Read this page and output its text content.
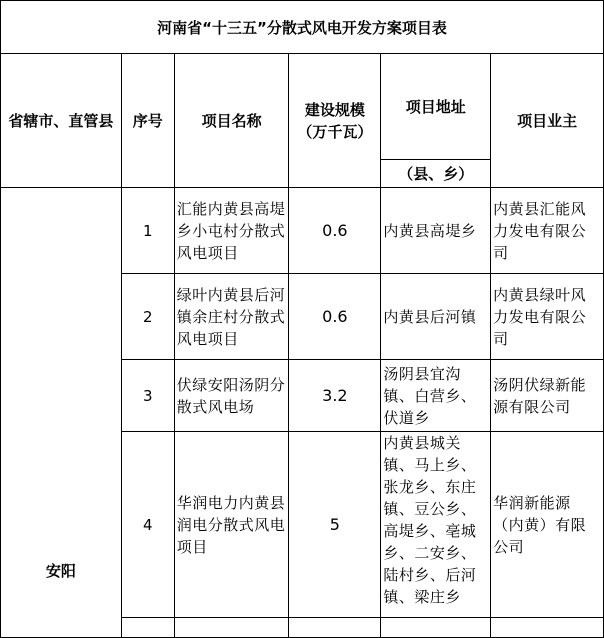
河南省“十三五”分散式风电开发方案项目表					
省辖市、直管县	序号	项目名称	建设规模（万千瓦）	项目地址	项目业主
				（县、乡）	
安阳	1	汇能内黄县高堤乡小屯村分散式风电项目	0.6	内黄县高堤乡	内黄县汇能风力发电有限公司
	2	绿叶内黄县后河镇余庄村分散式风电项目	0.6	内黄县后河镇	内黄县绿叶风力发电有限公司
	3	伏绿安阳汤阴分散式风电场	3.2	汤阴县宜沟镇、白营乡、伏道乡	汤阴伏绿新能源有限公司
	4	华润电力内黄县润电分散式风电项目	5	内黄县城关镇、马上乡、张龙乡、东庄镇、豆公乡、高堤乡、亳城乡、二安乡、陆村乡、后河镇、梁庄乡	华润新能源（内黄）有限公司
